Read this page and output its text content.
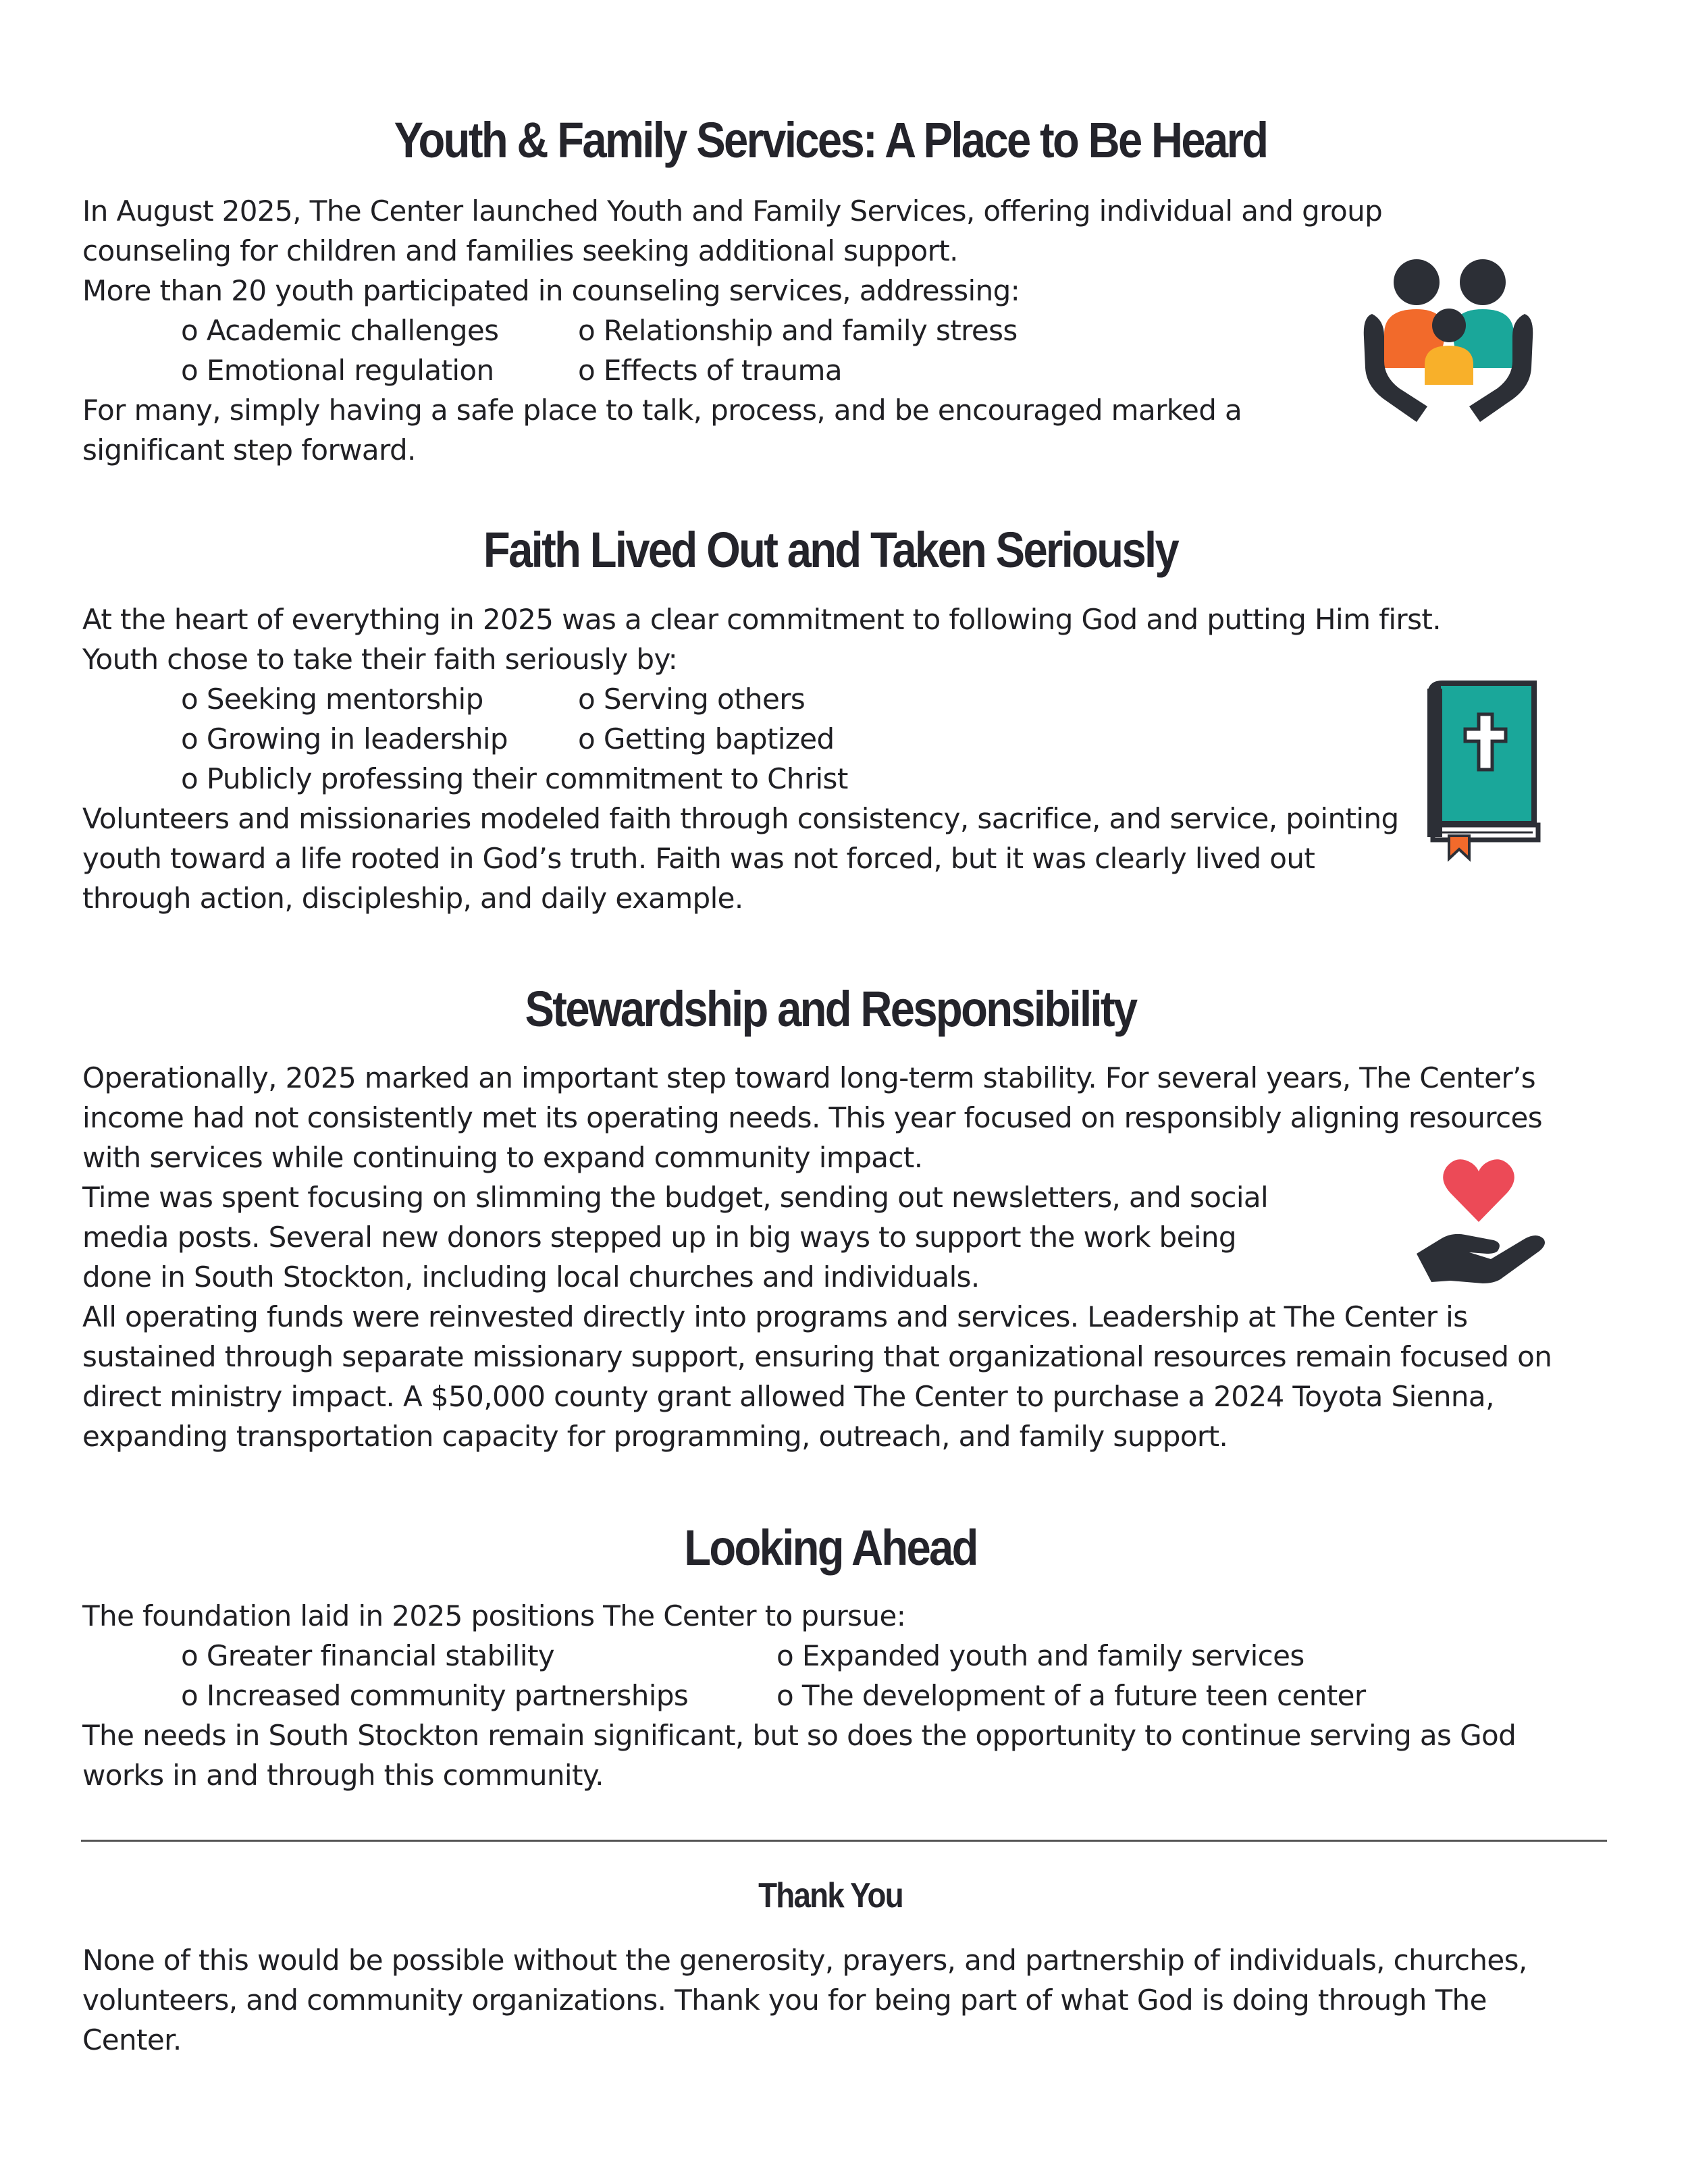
Youth & Family Services: A Place to Be Heard

In August 2025, The Center launched Youth and Family Services, offering individual and group counseling for children and families seeking additional support.

More than 20 youth participated in counseling services, addressing:

o Academic challenges	o Relationship and family stress

o Emotional regulation	o Effects of trauma

For many, simply having a safe place to talk, process, and be encouraged marked a significant step forward.

Faith Lived Out and Taken Seriously

At the heart of everything in 2025 was a clear commitment to following God and putting Him first.

Youth chose to take their faith seriously by:

o Seeking mentorship	o Serving others

o Growing in leadership o Getting baptized

o Publicly professing their commitment to Christ

Volunteers and missionaries modeled faith through consistency, sacrifice, and service, pointing youth toward a life rooted in God’s truth. Faith was not forced, but it was clearly lived out through action, discipleship, and daily example.

Stewardship and Responsibility

Operationally, 2025 marked an important step toward long-term stability. For several years, The Center’s income had not consistently met its operating needs. This year focused on responsibly aligning resources with services while continuing to expand community impact.

Time was spent focusing on slimming the budget, sending out newsletters, and social media posts. Several new donors stepped up in big ways to support the work being done in South Stockton, including local churches and individuals.

All operating funds were reinvested directly into programs and services. Leadership at The Center is sustained through separate missionary support, ensuring that organizational resources remain focused on direct ministry impact. A $50,000 county grant allowed The Center to purchase a 2024 Toyota Sienna, expanding transportation capacity for programming, outreach, and family support.

Looking Ahead

The foundation laid in 2025 positions The Center to pursue:

o Greater financial stability	o Expanded youth and family services

o Increased community partnerships	o The development of a future teen center

The needs in South Stockton remain significant, but so does the opportunity to continue serving as God works in and through this community.

Thank You

None of this would be possible without the generosity, prayers, and partnership of individuals, churches, volunteers, and community organizations. Thank you for being part of what God is doing through The Center.
